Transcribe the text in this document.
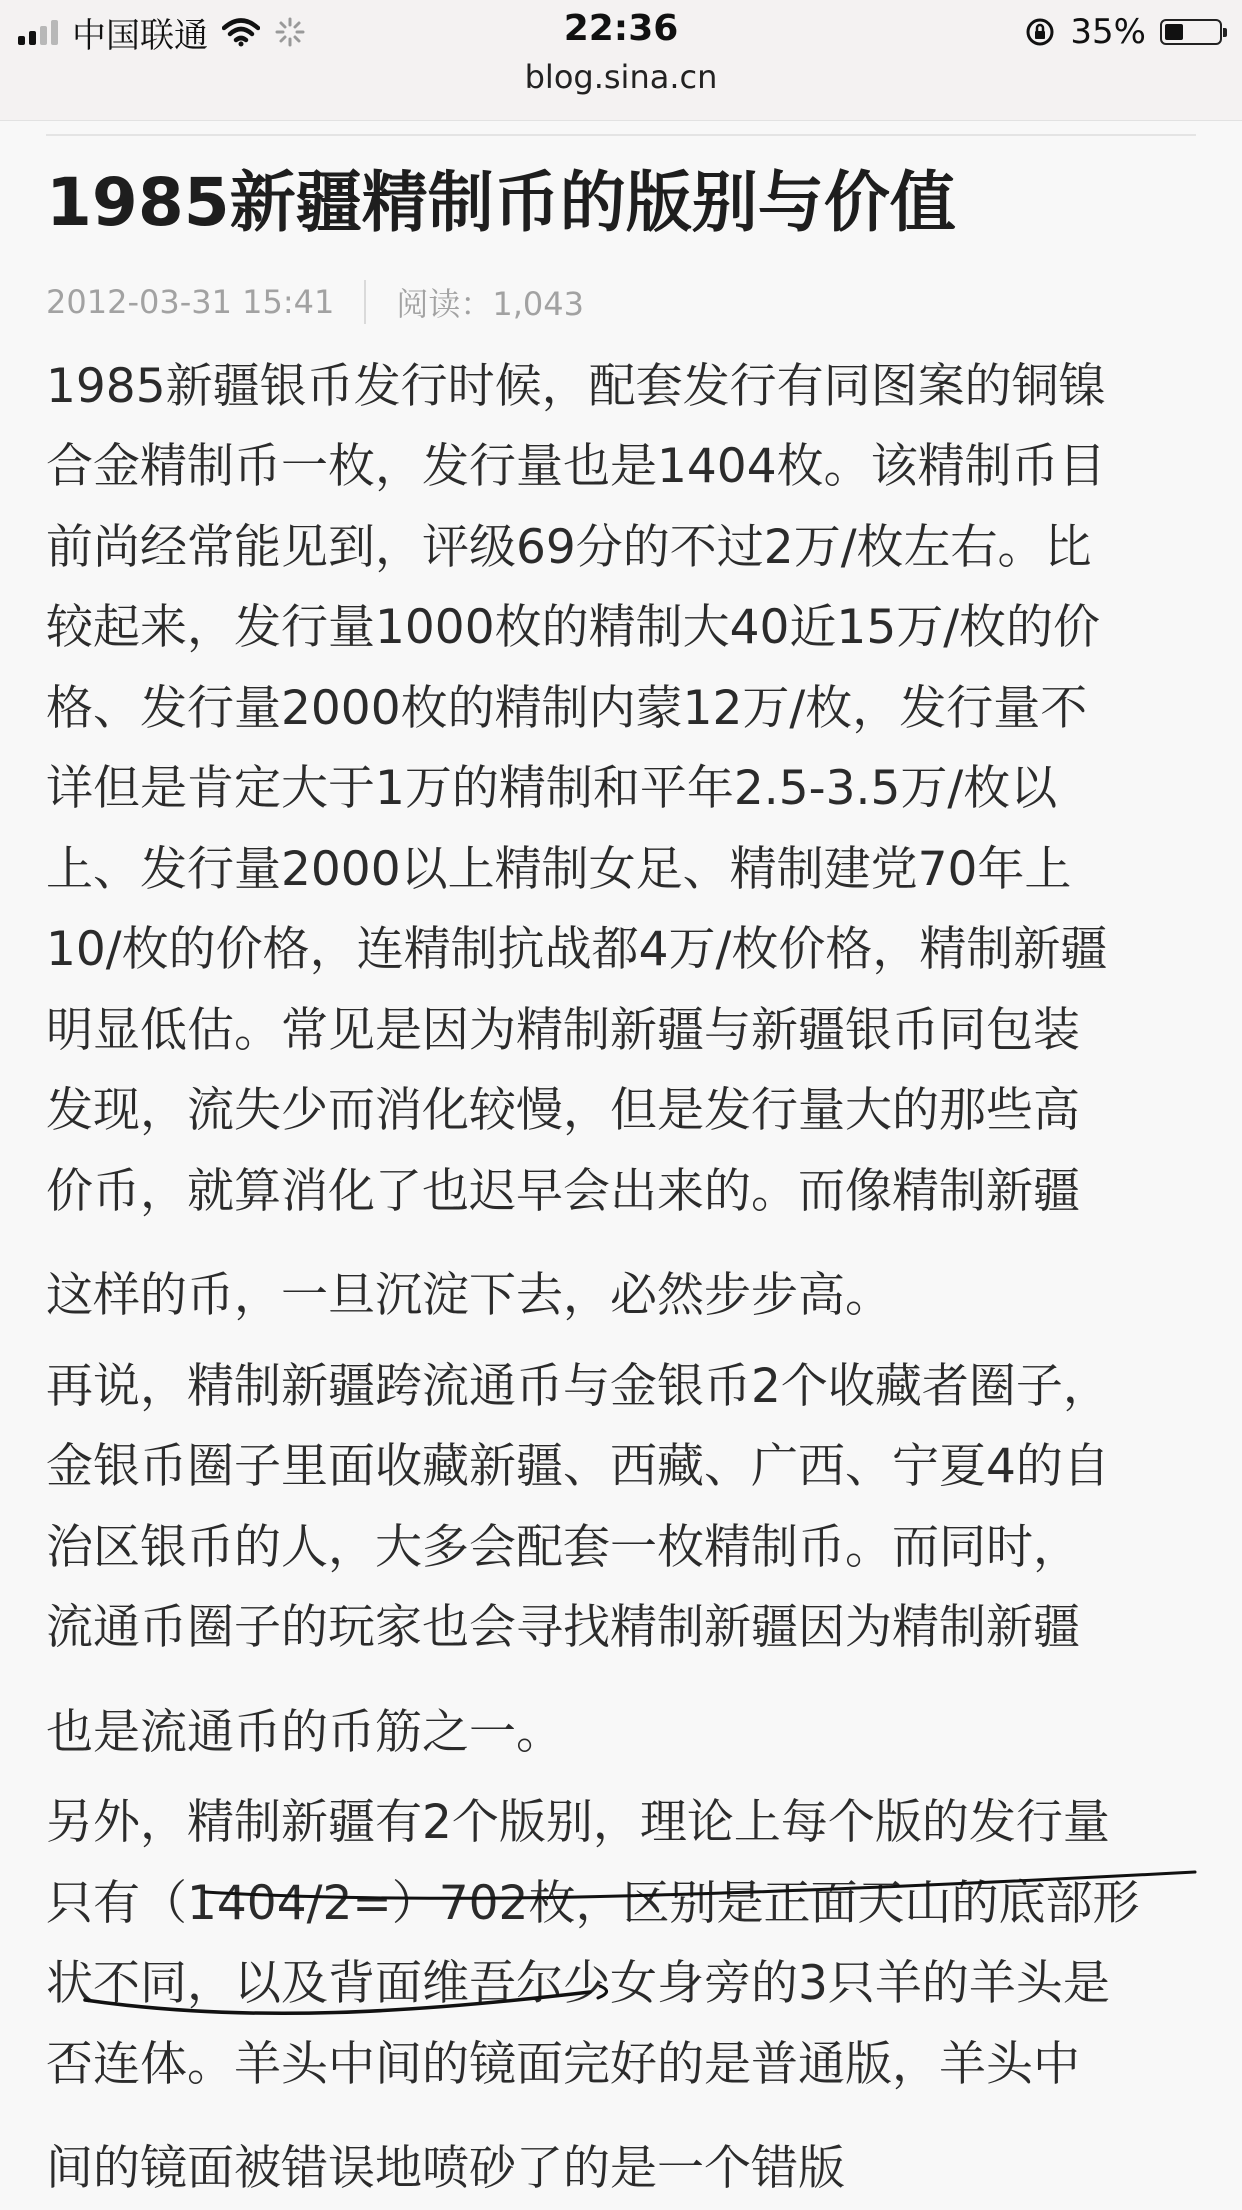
中国联通	22:36
blog.sina.cn
35%
1985新疆精制币的版别与价值
2012-03-31 15:41 阅读：1,043
1985新疆银币发行时候，配套发行有同图案的铜镍
合金精制币一枚，发行量也是1404枚。该精制币目
前尚经常能见到，评级69分的不过2万/枚左右。比
较起来，发行量1000枚的精制大40近15万/枚的价
格、发行量2000枚的精制内蒙12万/枚，发行量不
详但是肯定大于1万的精制和平年2.5-3.5万/枚以
上、发行量2000以上精制女足、精制建党70年上
10/枚的价格，连精制抗战都4万/枚价格，精制新疆
明显低估。常见是因为精制新疆与新疆银币同包装
发现，流失少而消化较慢，但是发行量大的那些高
价币，就算消化了也迟早会出来的。而像精制新疆
这样的币，一旦沉淀下去，必然步步高。
再说，精制新疆跨流通币与金银币2个收藏者圈子，
金银币圈子里面收藏新疆、西藏、广西、宁夏4的自
治区银币的人，大多会配套一枚精制币。而同时，
流通币圈子的玩家也会寻找精制新疆因为精制新疆
也是流通币的币筋之一。
另外，精制新疆有2个版别，理论上每个版的发行量
只有（1404/2=）702枚，区别是正面天山的底部形
状不同，以及背面维吾尔少女身旁的3只羊的羊头是
否连体。羊头中间的镜面完好的是普通版，羊头中
间的镜面被错误地喷砂了的是一个错版
